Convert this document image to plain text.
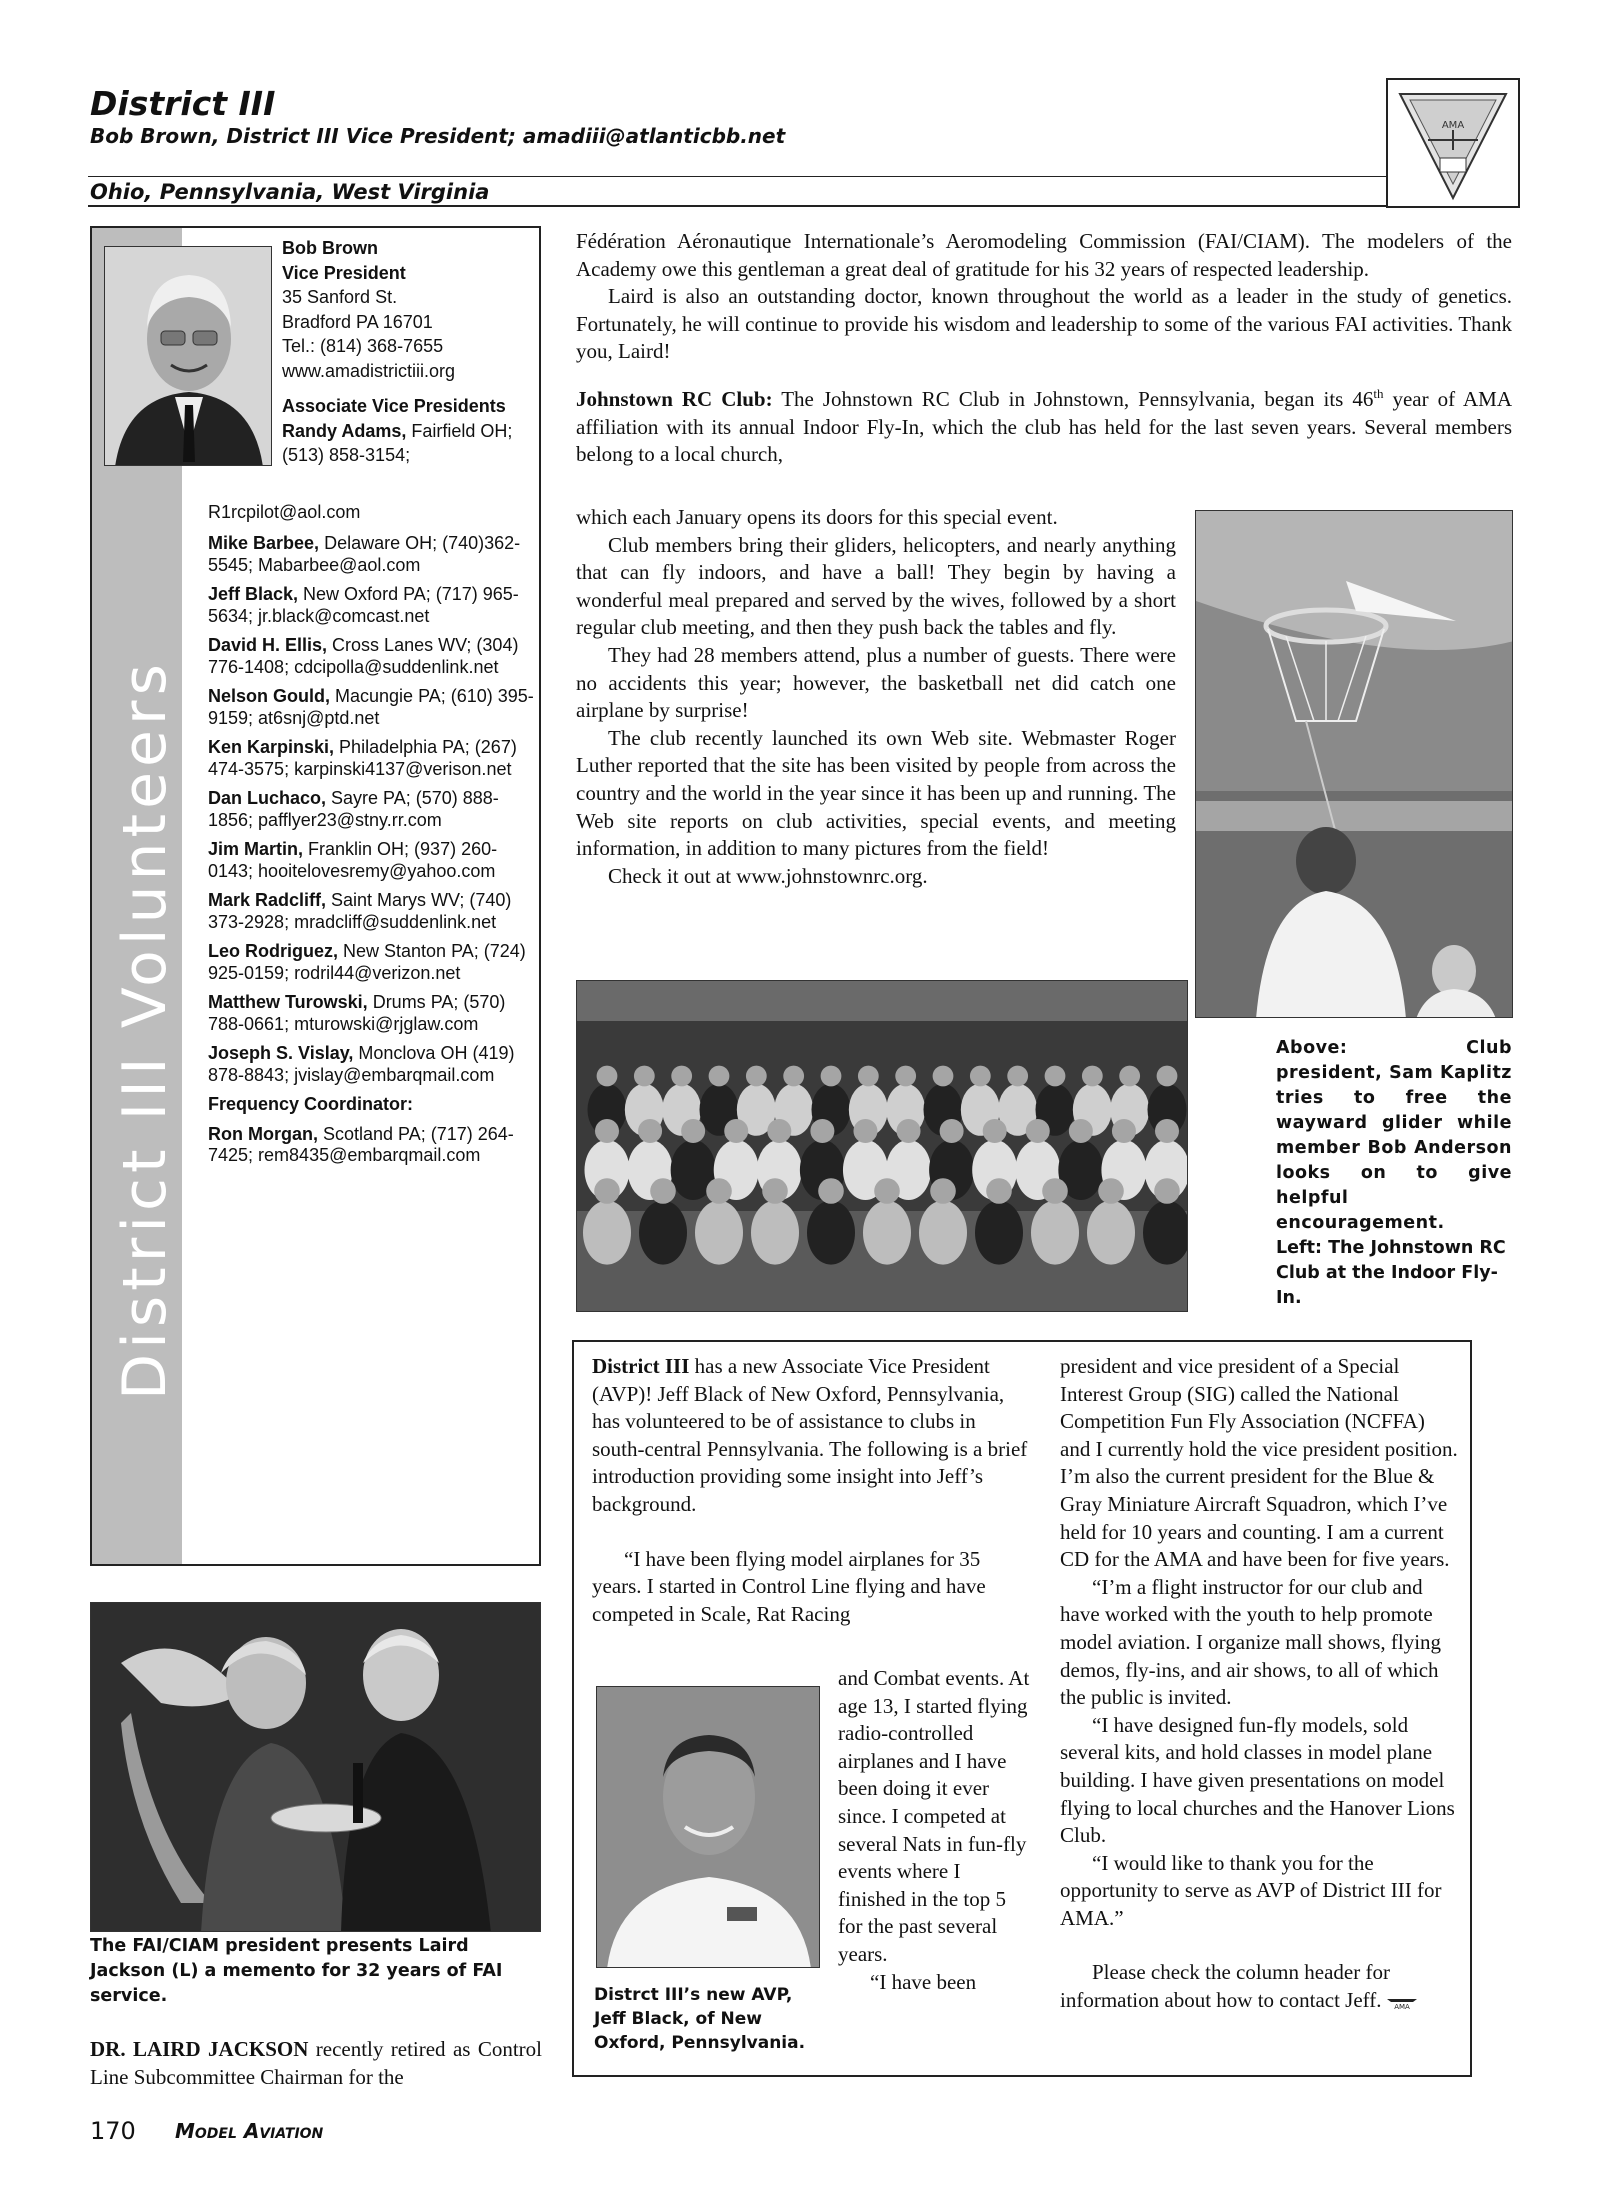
District III
Bob Brown, District III Vice President; amadiii@atlanticbb.net
Ohio, Pennsylvania, West Virginia
AMA
District III Volunteers
Bob Brown
Vice President
35 Sanford St.
Bradford PA 16701
Tel.: (814) 368-7655
www.amadistrictiii.org
Associate Vice Presidents
Randy Adams, Fairfield OH; (513) 858-3154;
R1rcpilot@aol.com
Mike Barbee, Delaware OH; (740)362-5545; Mabarbee@aol.com
Jeff Black, New Oxford PA; (717) 965-5634; jr.black@comcast.net
David H. Ellis, Cross Lanes WV; (304) 776-1408; cdcipolla@suddenlink.net
Nelson Gould, Macungie PA; (610) 395-9159; at6snj@ptd.net
Ken Karpinski, Philadelphia PA; (267) 474-3575; karpinski4137@verison.net
Dan Luchaco, Sayre PA; (570) 888-1856; pafflyer23@stny.rr.com
Jim Martin, Franklin OH; (937) 260-0143; hooitelovesremy@yahoo.com
Mark Radcliff, Saint Marys WV; (740) 373-2928; mradcliff@suddenlink.net
Leo Rodriguez, New Stanton PA; (724) 925-0159; rodril44@verizon.net
Matthew Turowski, Drums PA; (570) 788-0661; mturowski@rjglaw.com
Joseph S. Vislay, Monclova OH (419) 878-8843; jvislay@embarqmail.com
Frequency Coordinator:
Ron Morgan, Scotland PA; (717) 264-7425; rem8435@embarqmail.com
The FAI/CIAM president presents Laird Jackson (L) a memento for 32 years of FAI service.
DR. LAIRD JACKSON recently retired as Control Line Subcommittee Chairman for the

Fédération Aéronautique Internationale’s Aeromodeling Commission (FAI/CIAM). The modelers of the Academy owe this gentleman a great deal of gratitude for his 32 years of respected leadership.

Laird is also an outstanding doctor, known throughout the world as a leader in the study of genetics. Fortunately, he will continue to provide his wisdom and leadership to some of the various FAI activities. Thank you, Laird!

Johnstown RC Club: The Johnstown RC Club in Johnstown, Pennsylvania, began its 46th year of AMA affiliation with its annual Indoor Fly-In, which the club has held for the last seven years. Several members belong to a local church,

which each January opens its doors for this special event.

Club members bring their gliders, helicopters, and nearly anything that can fly indoors, and have a ball! They begin by having a wonderful meal prepared and served by the wives, followed by a short regular club meeting, and then they push back the tables and fly.

They had 28 members attend, plus a number of guests. There were no accidents this year; however, the basketball net did catch one airplane by surprise!

The club recently launched its own Web site. Webmaster Roger Luther reported that the site has been visited by people from across the country and the world in the year since it has been up and running. The Web site reports on club activities, special events, and meeting information, in addition to many pictures from the field!

Check it out at www.johnstownrc.org.

Above: Club president, Sam Kaplitz tries to free the wayward glider while member Bob Anderson looks on to give helpful encouragement.
Left: The Johnstown RC Club at the Indoor Fly-In.

District III has a new Associate Vice President (AVP)! Jeff Black of New Oxford, Pennsylvania, has volunteered to be of assistance to clubs in south-central Pennsylvania. The following is a brief introduction providing some insight into Jeff’s background.

“I have been flying model airplanes for 35 years. I started in Control Line flying and have competed in Scale, Rat Racing

Distrct III’s new AVP, Jeff Black, of New Oxford, Pennsylvania.

and Combat events. At age 13, I started flying radio-controlled airplanes and I have been doing it ever since. I competed at several Nats in fun-fly events where I finished in the top 5 for the past several years.

“I have been

president and vice president of a Special Interest Group (SIG) called the National Competition Fun Fly Association (NCFFA) and I currently hold the vice president position. I’m also the current president for the Blue & Gray Miniature Aircraft Squadron, which I’ve held for 10 years and counting. I am a current CD for the AMA and have been for five years.

“I’m a flight instructor for our club and have worked with the youth to help promote model aviation. I organize mall shows, flying demos, fly-ins, and air shows, to all of which the public is invited.

“I have designed fun-fly models, sold several kits, and hold classes in model plane building. I have given presentations on model flying to local churches and the Hanover Lions Club.

“I would like to thank you for the opportunity to serve as AVP of District III for AMA.”

Please check the column header for information about how to contact Jeff. AMA

170 Model Aviation
